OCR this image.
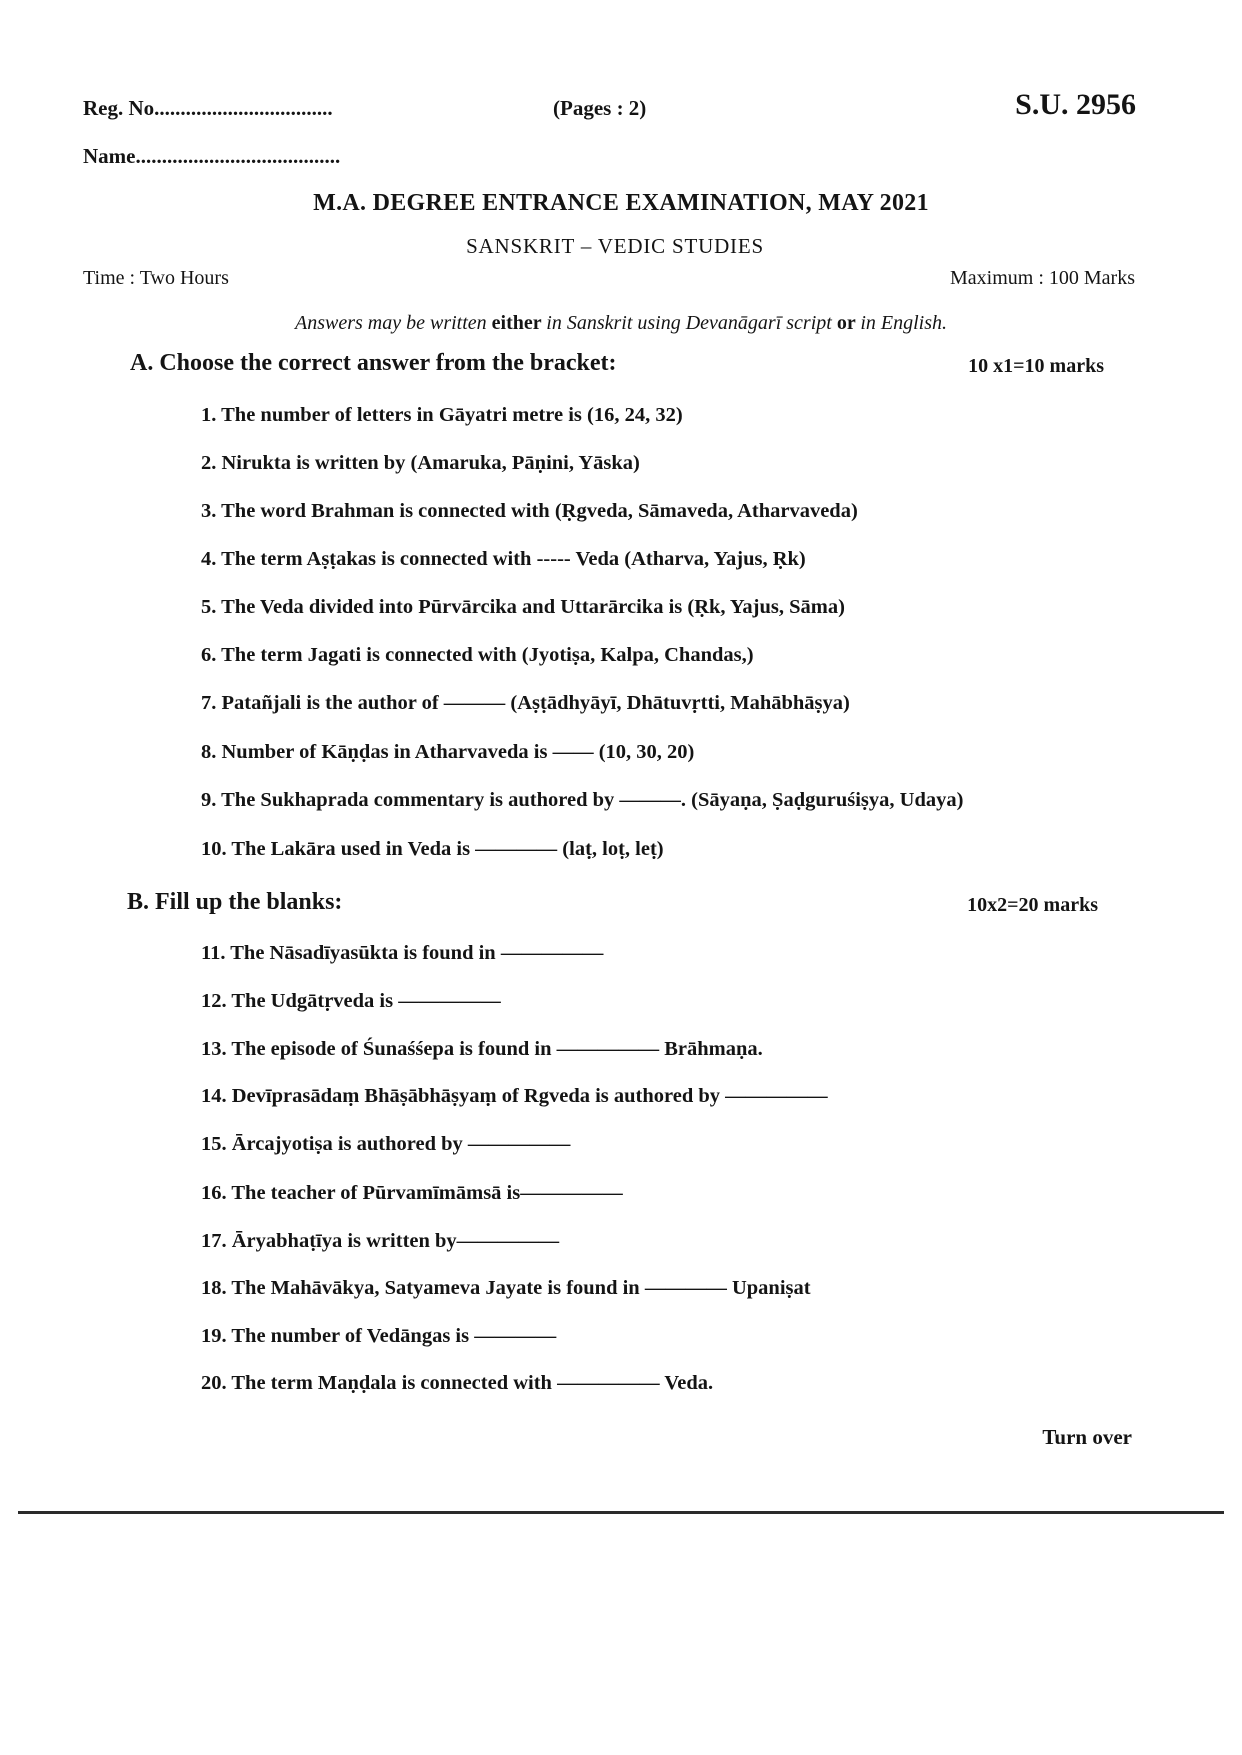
Reg. No..................................
Name.......................................
(Pages : 2)	S.U. 2956
M.A. DEGREE ENTRANCE EXAMINATION, MAY 2021
SANSKRIT – VEDIC STUDIES
Time : Two Hours	Maximum : 100 Marks
Answers may be written either in Sanskrit using Devanāgarī script or in English.
A. Choose the correct answer from the bracket:	10 x1=10 marks
1. The number of letters in Gāyatri metre is (16, 24, 32)
2. Nirukta is written by (Amaruka, Pāṇini, Yāska)
3. The word Brahman is connected with (Ṛgveda, Sāmaveda, Atharvaveda)
4. The term Aṣṭakas is connected with ----- Veda (Atharva, Yajus, Ṛk)
5. The Veda divided into Pūrvārcika and Uttarārcika is (Ṛk, Yajus, Sāma)
6. The term Jagati is connected with (Jyotiṣa, Kalpa, Chandas,)
7. Patañjali is the author of ——— (Aṣṭādhyāyī, Dhātuvṛtti, Mahābhāṣya)
8. Number of Kāṇḍas in Atharvaveda is —— (10, 30, 20)
9. The Sukhaprada commentary is authored by ———. (Sāyaṇa, Ṣaḍguruśiṣya, Udaya)
10. The Lakāra used in Veda is ———— (laṭ, loṭ, leṭ)
B. Fill up the blanks:	10x2=20 marks
11. The Nāsadīyasūkta is found in —————
12. The Udgātṛveda is —————
13. The episode of Śunaśśepa is found in ————— Brāhmaṇa.
14. Devīprasādaṃ Bhāṣābhāṣyaṃ of Rgveda is authored by —————
15. Ārcajyotiṣa is authored by —————
16. The teacher of Pūrvamīmāmsā is—————
17. Āryabhaṭīya is written by—————
18. The Mahāvākya, Satyameva Jayate is found in ———— Upaniṣat
19. The number of Vedāngas is ————
20. The term Maṇḍala is connected with ————— Veda.
Turn over
